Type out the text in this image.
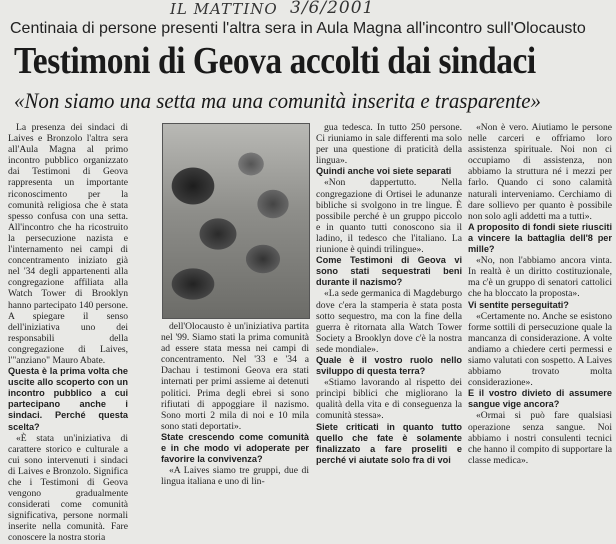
IL MATTINO 3/6/2001
Centinaia di persone presenti l'altra sera in Aula Magna all'incontro sull'Olocausto
Testimoni di Geova accolti dai sindaci
«Non siamo una setta ma una comunità inserita e trasparente»

La presenza dei sindaci di Laives e Bronzolo l'altra sera all'Aula Magna al primo incontro pubblico organizzato dai Testimoni di Geova rappresenta un importante riconoscimento per la comunità religiosa che è stata spesso confusa con una setta. All'incontro che ha ricostruito la persecuzione nazista e l'internamento nei campi di concentramento iniziato già nel '34 degli appartenenti alla congregazione affiliata alla Watch Tower di Brooklyn hanno partecipato 140 persone. A spiegare il senso dell'iniziativa uno dei responsabili della congregazione di Laives, l'"anziano" Mauro Abate.

Questa è la prima volta che uscite allo scoperto con un incontro pubblico a cui partecipano anche i sindaci. Perché questa scelta?

«È stata un'iniziativa di carattere storico e culturale a cui sono intervenuti i sindaci di Laives e Bronzolo. Significa che i Testimoni di Geova vengono gradualmente considerati come comunità significativa, persone normali inserite nella comunità. Fare conoscere la nostra storia

dell'Olocausto è un'iniziativa partita nel '99. Siamo stati la prima comunità ad essere stata messa nei campi di concentramento. Nel '33 e '34 a Dachau i testimoni Geova era stati internati per primi assieme ai detenuti politici. Prima degli ebrei si sono rifiutati di appoggiare il nazismo. Sono morti 2 mila di noi e 10 mila sono stati deportati».

State crescendo come comunità e in che modo vi adoperate per favorire la convivenza?

«A Laives siamo tre gruppi, due di lingua italiana e uno di lin-

gua tedesca. In tutto 250 persone. Ci riuniamo in sale differenti ma solo per una questione di praticità della lingua».

Quindi anche voi siete separati

«Non dappertutto. Nella congregazione di Ortisei le adunanze bibliche si svolgono in tre lingue. È possibile perché è un gruppo piccolo e in quanto tutti conoscono sia il ladino, il tedesco che l'italiano. La riunione è quindi trilingue».

Come Testimoni di Geova vi sono stati sequestrati beni durante il nazismo?

«La sede germanica di Magdeburgo dove c'era la stamperia è stata posta sotto sequestro, ma con la fine della guerra è ritornata alla Watch Tower Society a Brooklyn dove c'è la nostra sede mondiale».

Quale è il vostro ruolo nello sviluppo di questa terra?

«Stiamo lavorando al rispetto dei princìpi biblici che migliorano la qualità della vita e di conseguenza la comunità stessa».

Siete criticati in quanto tutto quello che fate è solamente finalizzato a fare proseliti e perché vi aiutate solo fra di voi

«Non è vero. Aiutiamo le persone nelle carceri e offriamo loro assistenza spirituale. Noi non ci occupiamo di assistenza, non abbiamo la struttura né i mezzi per farlo. Quando ci sono calamità naturali interveniamo. Cerchiamo di dare sollievo per quanto è possibile non solo agli addetti ma a tutti».

A proposito di fondi siete riusciti a vincere la battaglia dell'8 per mille?

«No, non l'abbiamo ancora vinta. In realtà è un diritto costituzionale, ma c'è un gruppo di senatori cattolici che ha bloccato la proposta».

Vi sentite perseguitati?

«Certamente no. Anche se esistono forme sottili di persecuzione quale la mancanza di considerazione. A volte andiamo a chiedere certi permessi e siamo valutati con sospetto. A Laives abbiamo trovato molta considerazione».

E il vostro divieto di assumere sangue vige ancora?

«Ormai si può fare qualsiasi operazione senza sangue. Noi abbiamo i nostri consulenti tecnici che hanno il compito di supportare la classe medica».
